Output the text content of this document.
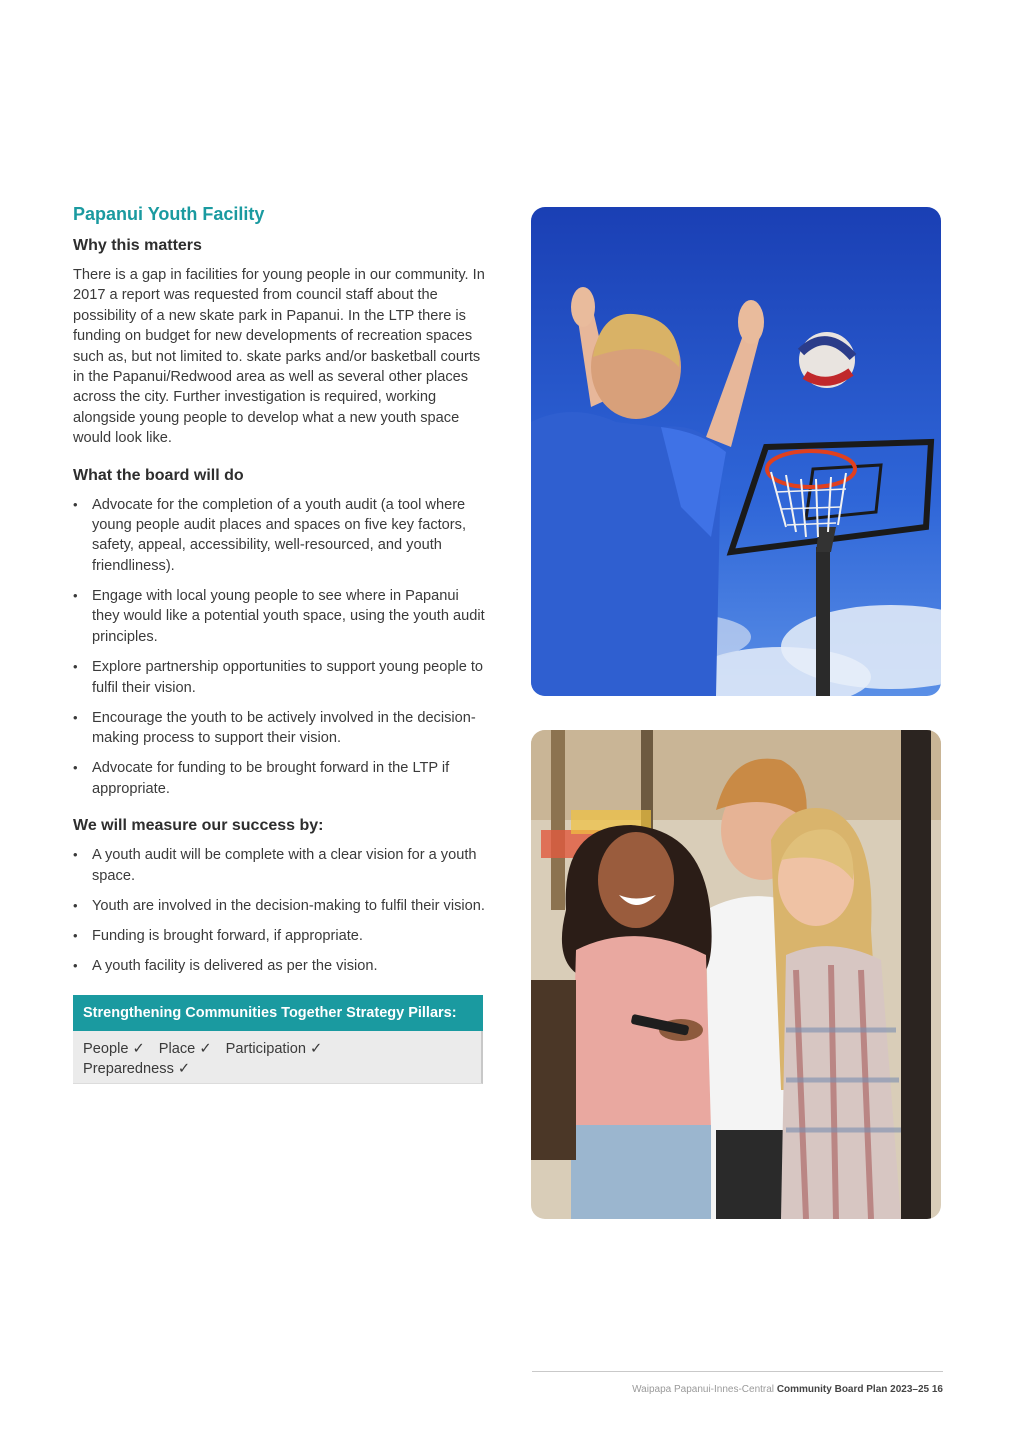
Papanui Youth Facility
Why this matters

There is a gap in facilities for young people in our community. In 2017 a report was requested from council staff about the possibility of a new skate park in Papanui. In the LTP there is funding on budget for new developments of recreation spaces such as, but not limited to. skate parks and/or basketball courts in the Papanui/Redwood area as well as several other places across the city. Further investigation is required, working alongside young people to develop what a new youth space would look like.

What the board will do
• Advocate for the completion of a youth audit (a tool where young people audit places and spaces on five key factors, safety, appeal, accessibility, well-resourced, and youth friendliness).
• Engage with local young people to see where in Papanui they would like a potential youth space, using the youth audit principles.
• Explore partnership opportunities to support young people to fulfil their vision.
• Encourage the youth to be actively involved in the decision-making process to support their vision.
• Advocate for funding to be brought forward in the LTP if appropriate.
We will measure our success by:
• A youth audit will be complete with a clear vision for a youth space.
• Youth are involved in the decision-making to fulfil their vision.
• Funding is brought forward, if appropriate.
• A youth facility is delivered as per the vision.
Strengthening Communities Together Strategy Pillars:
People ✓ Place ✓ Participation ✓
Preparedness ✓
Waipapa Papanui-Innes-Central Community Board Plan 2023–25 16
